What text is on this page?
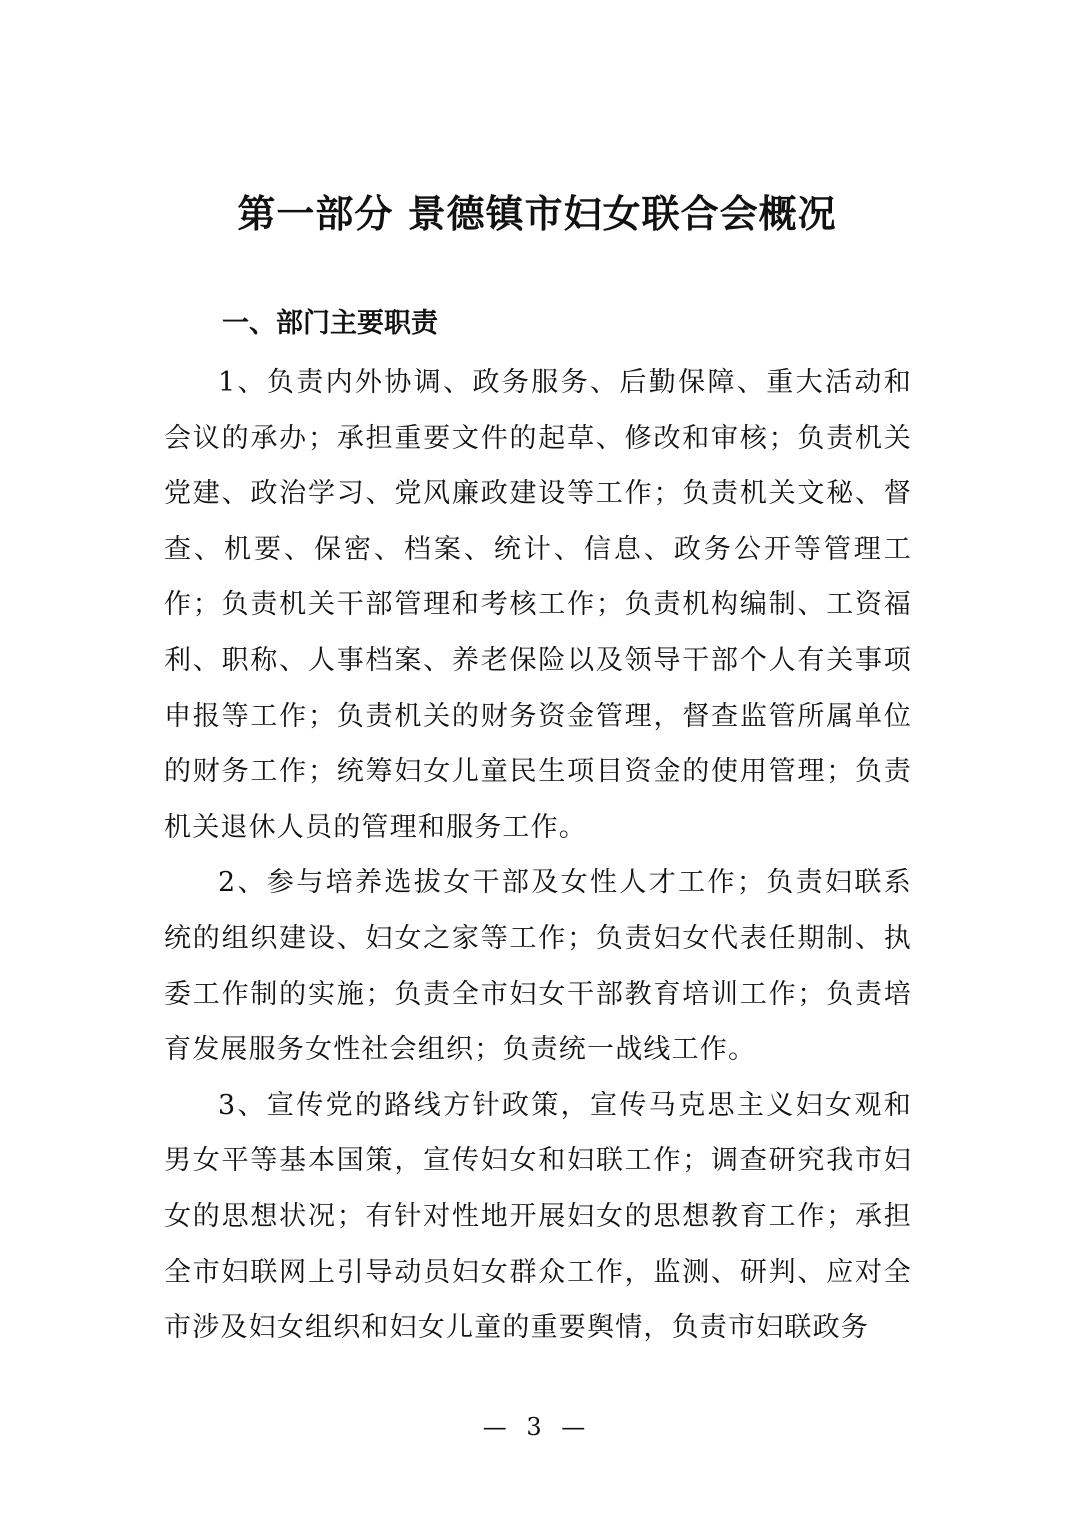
第一部分 景德镇市妇女联合会概况
一、部门主要职责

1、负责内外协调、政务服务、后勤保障、重大活动和会议的承办；承担重要文件的起草、修改和审核；负责机关党建、政治学习、党风廉政建设等工作；负责机关文秘、督查、机要、保密、档案、统计、信息、政务公开等管理工作；负责机关干部管理和考核工作；负责机构编制、工资福利、职称、人事档案、养老保险以及领导干部个人有关事项申报等工作；负责机关的财务资金管理，督查监管所属单位的财务工作；统筹妇女儿童民生项目资金的使用管理；负责机关退休人员的管理和服务工作。

2、参与培养选拔女干部及女性人才工作；负责妇联系统的组织建设、妇女之家等工作；负责妇女代表任期制、执委工作制的实施；负责全市妇女干部教育培训工作；负责培育发展服务女性社会组织；负责统一战线工作。

3、宣传党的路线方针政策，宣传马克思主义妇女观和男女平等基本国策，宣传妇女和妇联工作；调查研究我市妇女的思想状况；有针对性地开展妇女的思想教育工作；承担全市妇联网上引导动员妇女群众工作，监测、研判、应对全市涉及妇女组织和妇女儿童的重要舆情，负责市妇联政务

— 3 —
